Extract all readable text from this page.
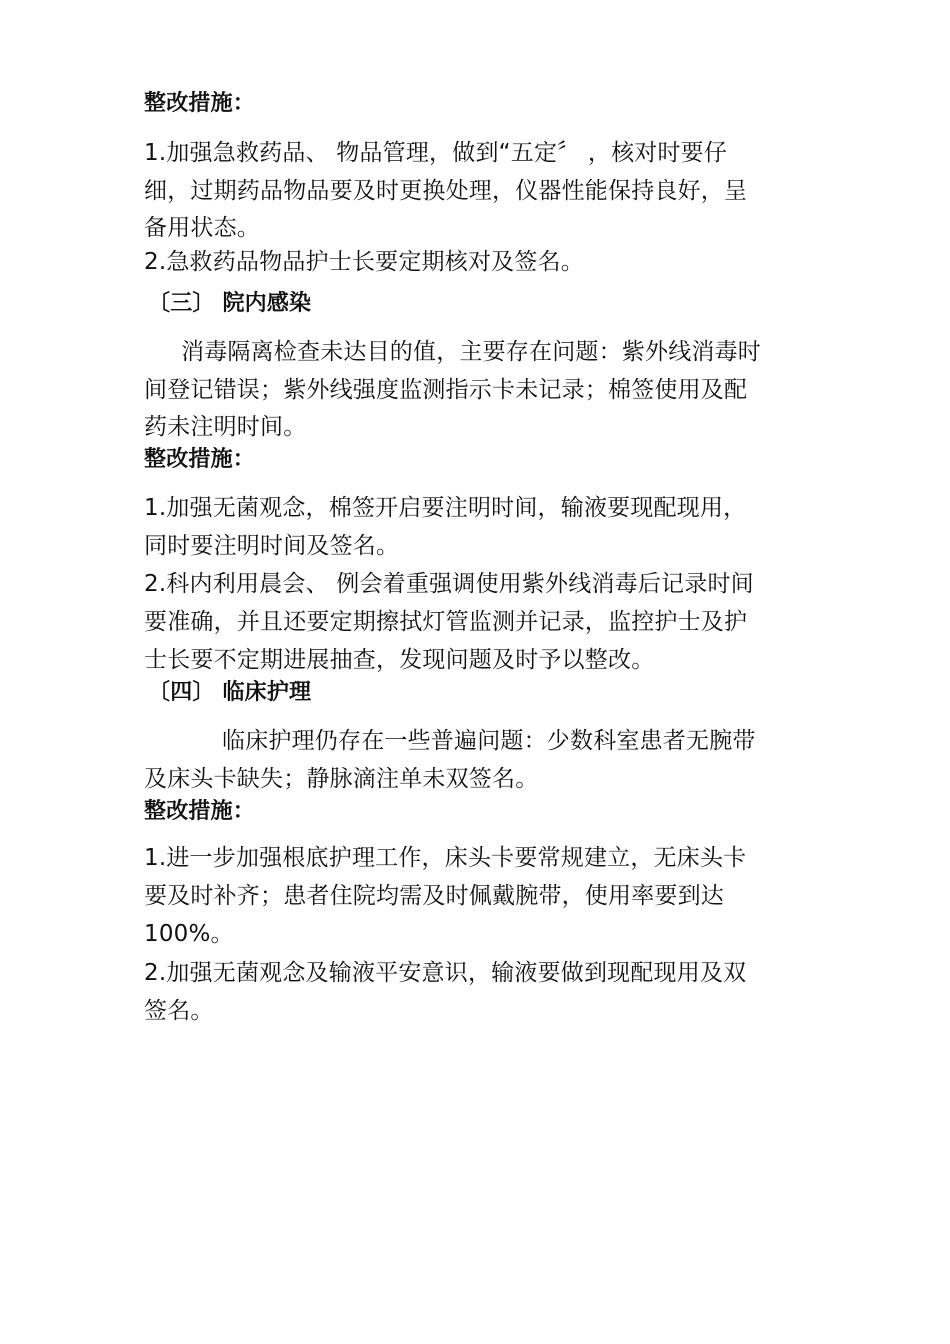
整改措施：
1.加强急救药品、 物品管理，做到“五定〞 ，核对时要仔
细，过期药品物品要及时更换处理，仪器性能保持良好，呈
备用状态。
2.急救药品物品护士长要定期核对及签名。
〔三〕 院内感染
消毒隔离检查未达目的值，主要存在问题：紫外线消毒时
间登记错误；紫外线强度监测指示卡未记录；棉签使用及配
药未注明时间。
整改措施：
1.加强无菌观念，棉签开启要注明时间，输液要现配现用，
同时要注明时间及签名。
2.科内利用晨会、 例会着重强调使用紫外线消毒后记录时间
要准确，并且还要定期擦拭灯管监测并记录，监控护士及护
士长要不定期进展抽查，发现问题及时予以整改。
〔四〕 临床护理
临床护理仍存在一些普遍问题：少数科室患者无腕带
及床头卡缺失；静脉滴注单未双签名。
整改措施：
1.进一步加强根底护理工作，床头卡要常规建立，无床头卡
要及时补齐；患者住院均需及时佩戴腕带，使用率要到达
100%。
2.加强无菌观念及输液平安意识，输液要做到现配现用及双
签名。
